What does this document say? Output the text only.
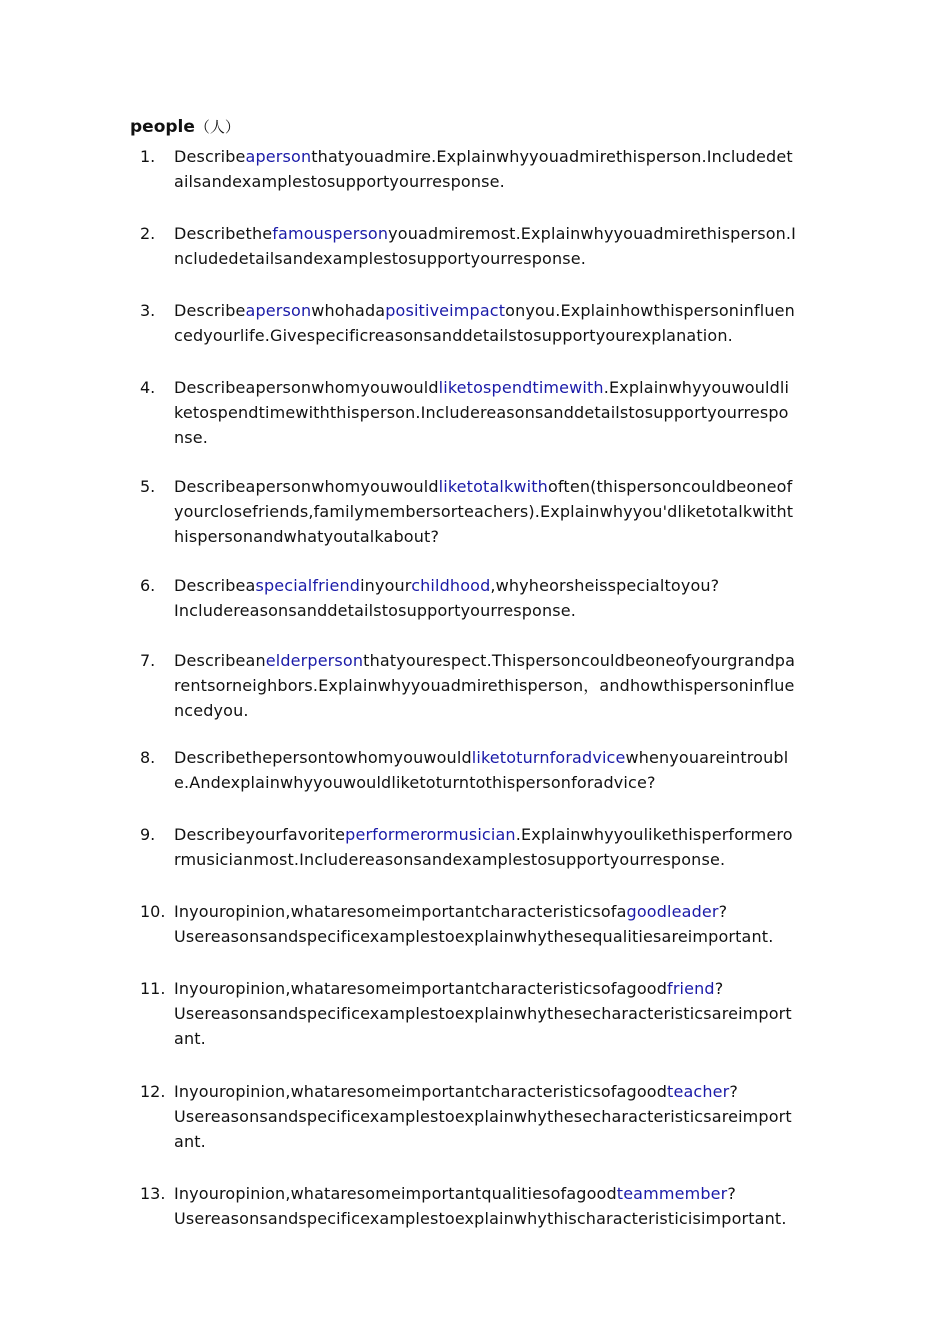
people（人）
1.	Describeapersonthatyouadmire.Explainwhyyouadmirethisperson.Includedet
ailsandexamplestosupportyourresponse.
2.	Describethefamouspersonyouadmiremost.Explainwhyyouadmirethisperson.I
ncludedetailsandexamplestosupportyourresponse.
3.	Describeapersonwhohadapositiveimpactonyou.Explainhowthispersoninfluen
cedyourlife.Givespecificreasonsanddetailstosupportyourexplanation.
4.	Describeapersonwhomyouwouldliketospendtimewith.Explainwhyyouwouldli
ketospendtimewiththisperson.Includereasonsanddetailstosupportyourrespo
nse.
5.	Describeapersonwhomyouwouldliketotalkwithoften(thispersoncouldbeoneof
yourclosefriends,familymembersorteachers).Explainwhyyou'dliketotalkwitht
hispersonandwhatyoutalkabout?
6.	Describeaspecialfriendinyourchildhood,whyheorsheisspecialtoyou?
Includereasonsanddetailstosupportyourresponse.
7.	Describeanelderpersonthatyourespect.Thispersoncouldbeoneofyourgrandpa
rentsorneighbors.Explainwhyyouadmirethisperson，andhowthispersoninflue
ncedyou.
8.	Describethepersontowhomyouwouldliketoturnforadvicewhenyouareintroubl
e.Andexplainwhyyouwouldliketoturntothispersonforadvice?
9.	Describeyourfavoriteperformerormusician.Explainwhyyoulikethisperformero
rmusicianmost.Includereasonsandexamplestosupportyourresponse.
10. Inyouropinion,whataresomeimportantcharacteristicsofagoodleader?
Usereasonsandspecificexamplestoexplainwhythesequalitiesareimportant.
11. Inyouropinion,whataresomeimportantcharacteristicsofagoodfriend?
Usereasonsandspecificexamplestoexplainwhythesecharacteristicsareimport
ant.
12. Inyouropinion,whataresomeimportantcharacteristicsofagoodteacher?
Usereasonsandspecificexamplestoexplainwhythesecharacteristicsareimport
ant.
13. Inyouropinion,whataresomeimportantqualitiesofagoodteammember?
Usereasonsandspecificexamplestoexplainwhythischaracteristicisimportant.
